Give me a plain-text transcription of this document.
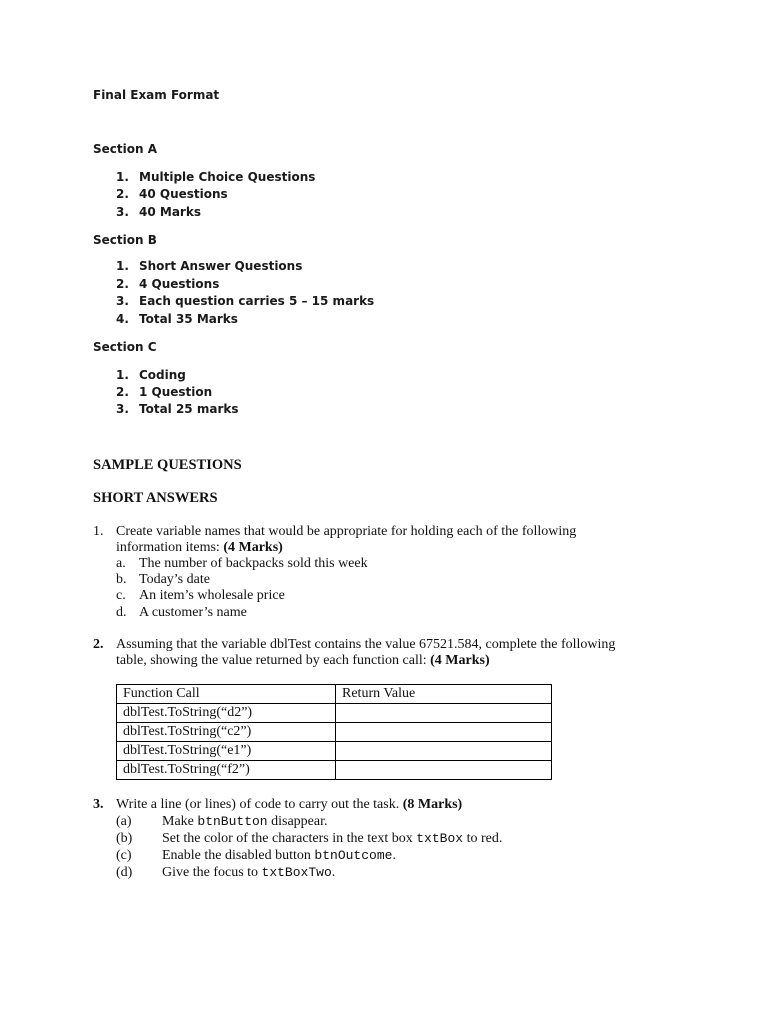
Final Exam Format
Section A
1. Multiple Choice Questions
2. 40 Questions
3. 40 Marks
Section B
1. Short Answer Questions
2. 4 Questions
3. Each question carries 5 – 15 marks
4. Total 35 Marks
Section C
1. Coding
2. 1 Question
3. Total 25 marks
SAMPLE QUESTIONS
SHORT ANSWERS
1. Create variable names that would be appropriate for holding each of the following
information items: (4 Marks)
a. The number of backpacks sold this week
b. Today’s date
c. An item’s wholesale price
d. A customer’s name
2. Assuming that the variable dblTest contains the value 67521.584, complete the following
table, showing the value returned by each function call: (4 Marks)
Function Call	Return Value
dblTest.ToString(“d2”)	
dblTest.ToString(“c2”)	
dblTest.ToString(“e1”)	
dblTest.ToString(“f2”)	
3. Write a line (or lines) of code to carry out the task. (8 Marks)
(a) Make btnButton disappear.
(b) Set the color of the characters in the text box txtBox to red.
(c) Enable the disabled button btnOutcome.
(d) Give the focus to txtBoxTwo.
